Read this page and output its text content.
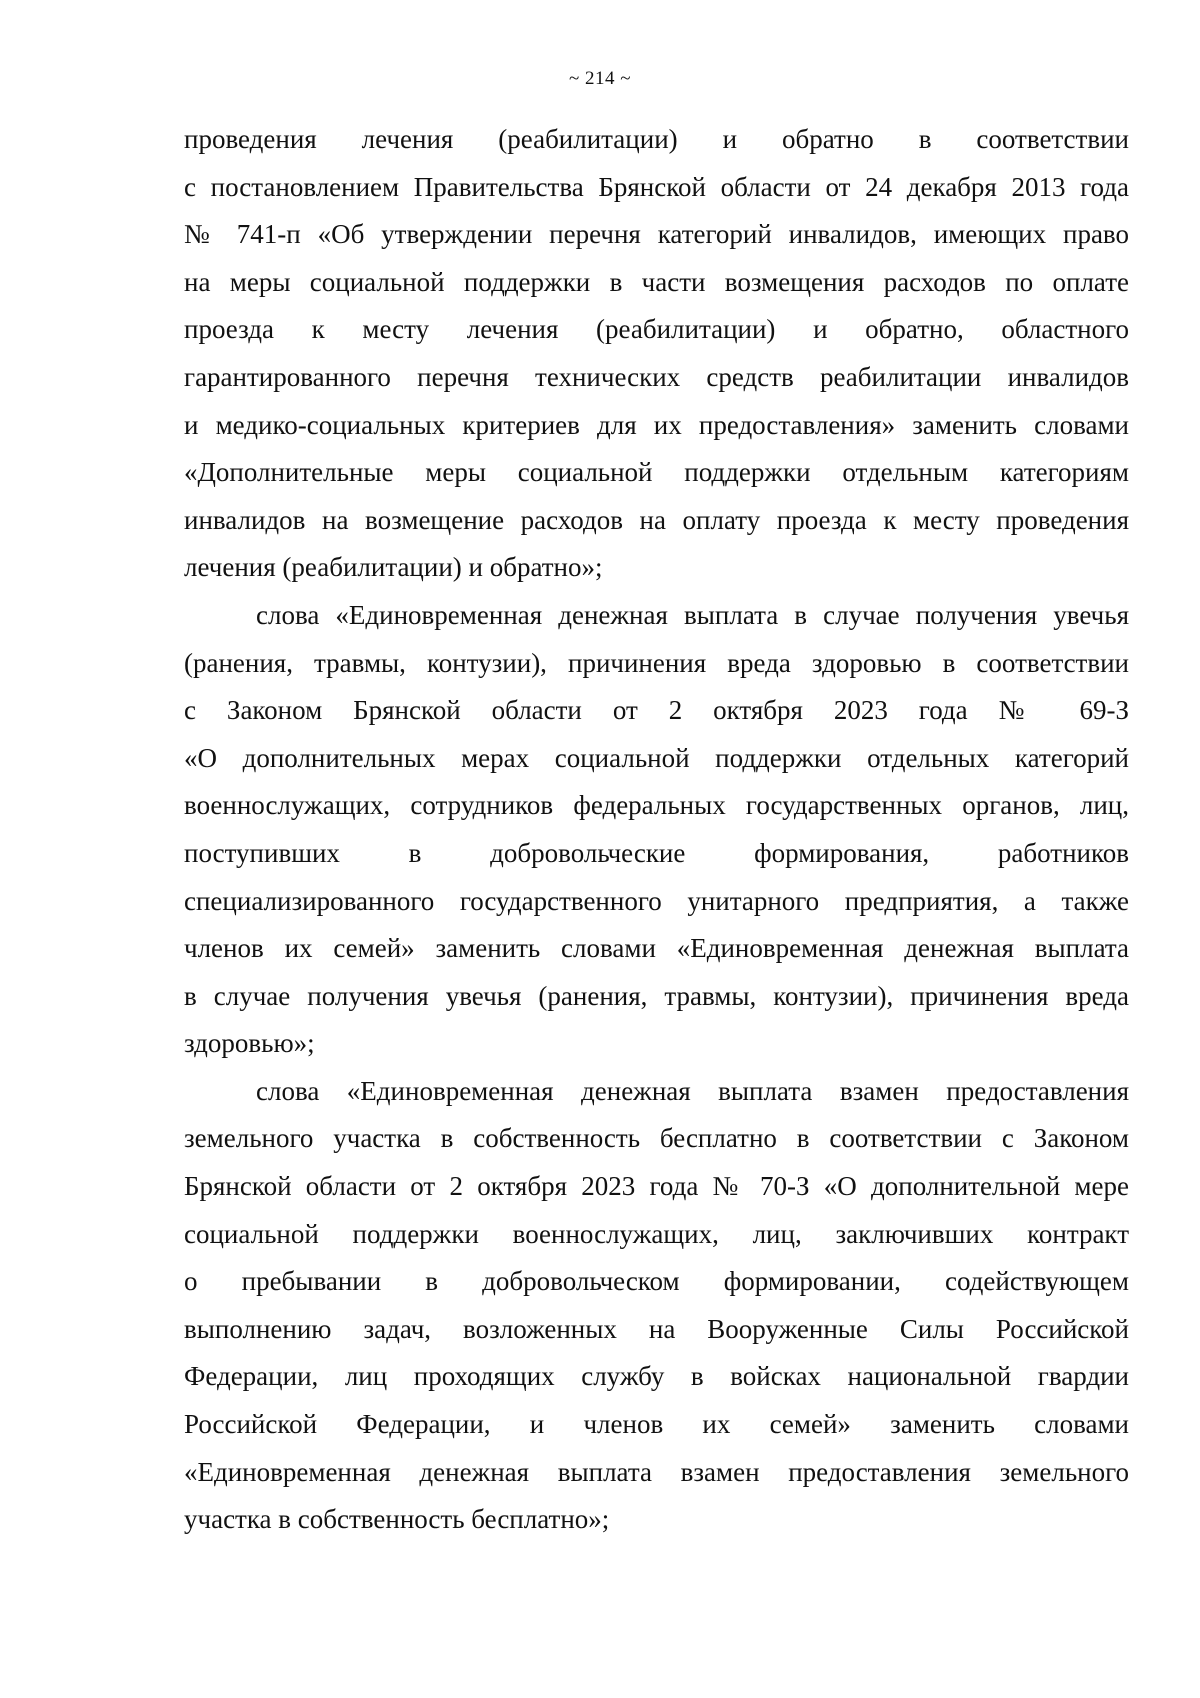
~ 214 ~
проведения лечения (реабилитации) и обратно в соответствии
с постановлением Правительства Брянской области от 24 декабря 2013 года
№ 741-п «Об утверждении перечня категорий инвалидов, имеющих право
на меры социальной поддержки в части возмещения расходов по оплате
проезда к месту лечения (реабилитации) и обратно, областного
гарантированного перечня технических средств реабилитации инвалидов
и медико-социальных критериев для их предоставления» заменить словами
«Дополнительные меры социальной поддержки отдельным категориям
инвалидов на возмещение расходов на оплату проезда к месту проведения
лечения (реабилитации) и обратно»;
слова «Единовременная денежная выплата в случае получения увечья
(ранения, травмы, контузии), причинения вреда здоровью в соответствии
с Законом Брянской области от 2 октября 2023 года № 69-З
«О дополнительных мерах социальной поддержки отдельных категорий
военнослужащих, сотрудников федеральных государственных органов, лиц,
поступивших в добровольческие формирования, работников
специализированного государственного унитарного предприятия, а также
членов их семей» заменить словами «Единовременная денежная выплата
в случае получения увечья (ранения, травмы, контузии), причинения вреда
здоровью»;
слова «Единовременная денежная выплата взамен предоставления
земельного участка в собственность бесплатно в соответствии с Законом
Брянской области от 2 октября 2023 года № 70-З «О дополнительной мере
социальной поддержки военнослужащих, лиц, заключивших контракт
о пребывании в добровольческом формировании, содействующем
выполнению задач, возложенных на Вооруженные Силы Российской
Федерации, лиц проходящих службу в войсках национальной гвардии
Российской Федерации, и членов их семей» заменить словами
«Единовременная денежная выплата взамен предоставления земельного
участка в собственность бесплатно»;
